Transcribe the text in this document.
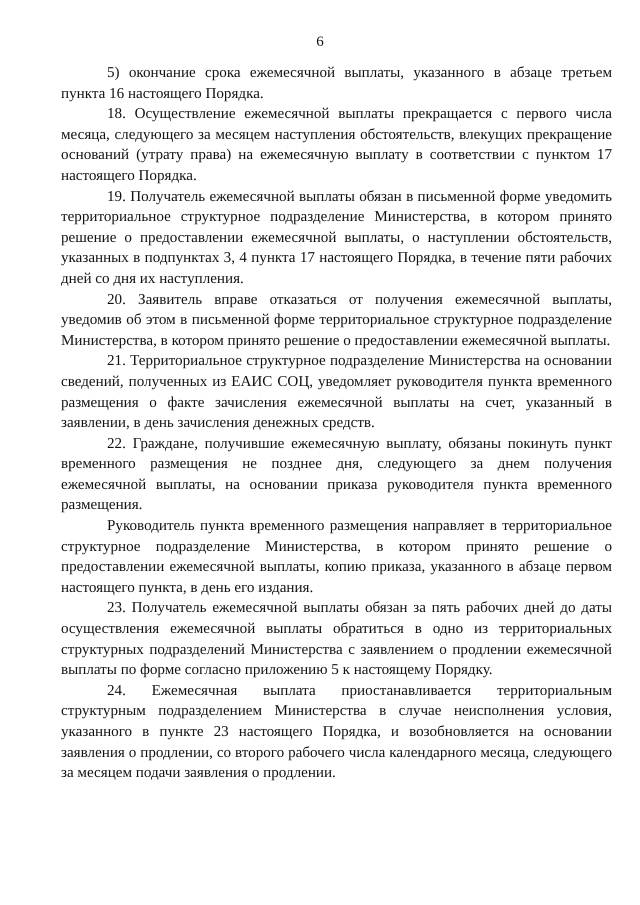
6

5) окончание срока ежемесячной выплаты, указанного в абзаце третьем пункта 16 настоящего Порядка.

18. Осуществление ежемесячной выплаты прекращается с первого числа месяца, следующего за месяцем наступления обстоятельств, влекущих прекращение оснований (утрату права) на ежемесячную выплату в соответствии с пунктом 17 настоящего Порядка.

19. Получатель ежемесячной выплаты обязан в письменной форме уведомить территориальное структурное подразделение Министерства, в котором принято решение о предоставлении ежемесячной выплаты, о наступлении обстоятельств, указанных в подпунктах 3, 4 пункта 17 настоящего Порядка, в течение пяти рабочих дней со дня их наступления.

20. Заявитель вправе отказаться от получения ежемесячной выплаты, уведомив об этом в письменной форме территориальное структурное подразделение Министерства, в котором принято решение о предоставлении ежемесячной выплаты.

21. Территориальное структурное подразделение Министерства на основании сведений, полученных из ЕАИС СОЦ, уведомляет руководителя пункта временного размещения о факте зачисления ежемесячной выплаты на счет, указанный в заявлении, в день зачисления денежных средств.

22. Граждане, получившие ежемесячную выплату, обязаны покинуть пункт временного размещения не позднее дня, следующего за днем получения ежемесячной выплаты, на основании приказа руководителя пункта временного размещения.

Руководитель пункта временного размещения направляет в территориальное структурное подразделение Министерства, в котором принято решение о предоставлении ежемесячной выплаты, копию приказа, указанного в абзаце первом настоящего пункта, в день его издания.

23. Получатель ежемесячной выплаты обязан за пять рабочих дней до даты осуществления ежемесячной выплаты обратиться в одно из территориальных структурных подразделений Министерства с заявлением о продлении ежемесячной выплаты по форме согласно приложению 5 к настоящему Порядку.

24. Ежемесячная выплата приостанавливается территориальным структурным подразделением Министерства в случае неисполнения условия, указанного в пункте 23 настоящего Порядка, и возобновляется на основании заявления о продлении, со второго рабочего числа календарного месяца, следующего за месяцем подачи заявления о продлении.
